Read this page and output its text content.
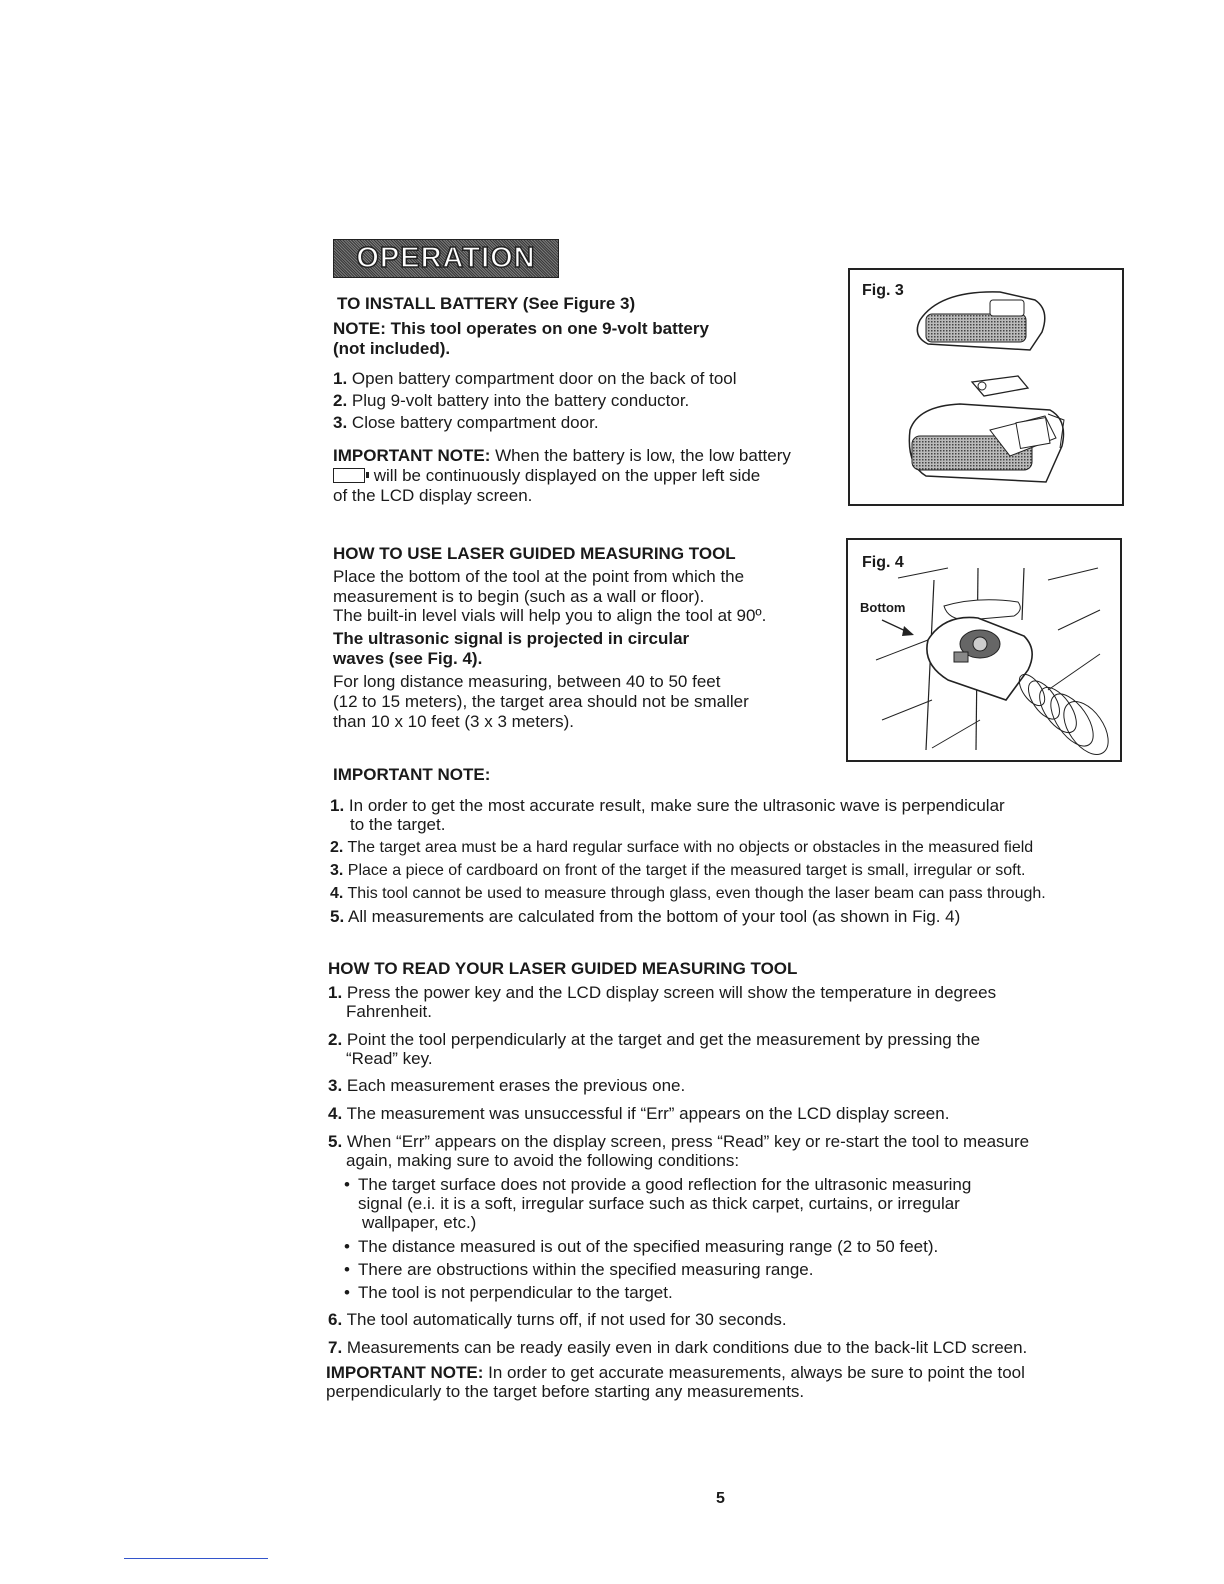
OPERATION

TO INSTALL BATTERY (See Figure 3)

NOTE: This tool operates on one 9-volt battery

(not included).

1. Open battery compartment door on the back of tool

2. Plug 9-volt battery into the battery conductor.

3. Close battery compartment door.

IMPORTANT NOTE: When the battery is low, the low battery

will be continuously displayed on the upper left side

of the LCD display screen.

Fig. 3

HOW TO USE LASER GUIDED MEASURING TOOL

Place the bottom of the tool at the point from which the

measurement is to begin (such as a wall or floor).

The built-in level vials will help you to align the tool at 90º.

The ultrasonic signal is projected in circular

waves (see Fig. 4).

For long distance measuring, between 40 to 50 feet

(12 to 15 meters), the target area should not be smaller

than 10 x 10 feet (3 x 3 meters).

Fig. 4
Bottom

IMPORTANT NOTE:

1. In order to get the most accurate result, make sure the ultrasonic wave is perpendicular

to the target.

2. The target area must be a hard regular surface with no objects or obstacles in the measured field

3. Place a piece of cardboard on front of the target if the measured target is small, irregular or soft.

4. This tool cannot be used to measure through glass, even though the laser beam can pass through.

5. All measurements are calculated from the bottom of your tool (as shown in Fig. 4)

HOW TO READ YOUR LASER GUIDED MEASURING TOOL

1. Press the power key and the LCD display screen will show the temperature in degrees

Fahrenheit.

2. Point the tool perpendicularly at the target and get the measurement by pressing the

“Read” key.

3. Each measurement erases the previous one.

4. The measurement was unsuccessful if “Err” appears on the LCD display screen.

5. When “Err” appears on the display screen, press “Read” key or re-start the tool to measure

again, making sure to avoid the following conditions:

• The target surface does not provide a good reflection for the ultrasonic measuring

signal (e.i. it is a soft, irregular surface such as thick carpet, curtains, or irregular

wallpaper, etc.)

• The distance measured is out of the specified measuring range (2 to 50 feet).

• There are obstructions within the specified measuring range.

• The tool is not perpendicular to the target.

6. The tool automatically turns off, if not used for 30 seconds.

7. Measurements can be ready easily even in dark conditions due to the back-lit LCD screen.

IMPORTANT NOTE: In order to get accurate measurements, always be sure to point the tool

perpendicularly to the target before starting any measurements.

5
